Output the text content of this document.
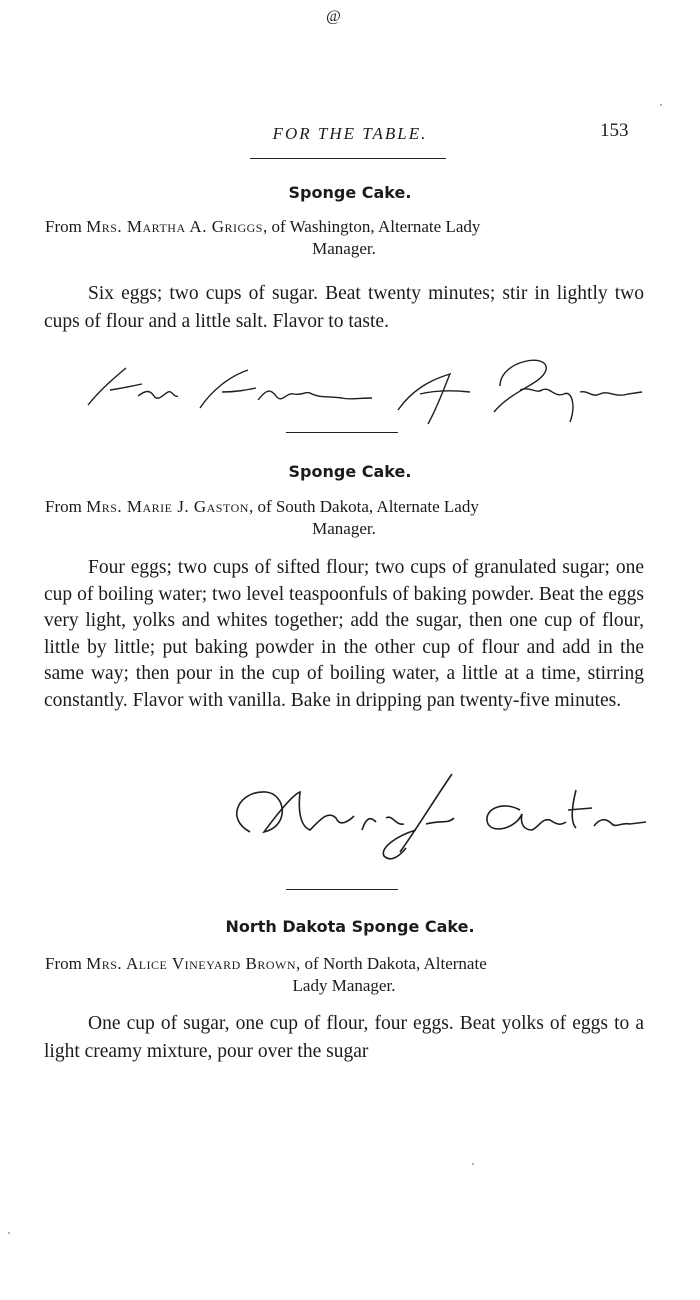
@
FOR THE TABLE.	153
Sponge Cake.
From Mrs. Martha A. Griggs, of Washington, Alternate Lady
Manager.

Six eggs; two cups of sugar. Beat twenty minutes; stir in lightly two cups of flour and a little salt. Flavor to taste.

Mrs Martha A Griggs
Sponge Cake.
From Mrs. Marie J. Gaston, of South Dakota, Alternate Lady
Manager.

Four eggs; two cups of sifted flour; two cups of granulated sugar; one cup of boiling water; two level teaspoonfuls of baking powder. Beat the eggs very light, yolks and whites together; add the sugar, then one cup of flour, little by little; put baking powder in the other cup of flour and add in the same way; then pour in the cup of boiling water, a little at a time, stirring constantly. Flavor with vanilla. Bake in dripping pan twenty-five minutes.

Marie J. Gaston
North Dakota Sponge Cake.
From Mrs. Alice Vineyard Brown, of North Dakota, Alternate
Lady Manager.

One cup of sugar, one cup of flour, four eggs. Beat yolks of eggs to a light creamy mixture, pour over the sugar
